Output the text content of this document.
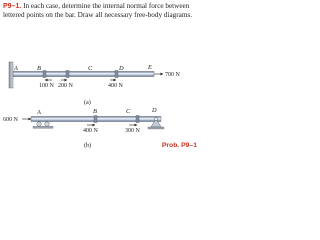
P9–1. In each case, determine the internal normal force between lettered points on the bar. Draw all necessary free-body diagrams.

A	B	C	D	E
100 N 200 N	400 N
700 N
(a)
A	B	C	D
600 N
400 N	300 N
(b)	Prob. P9–1
